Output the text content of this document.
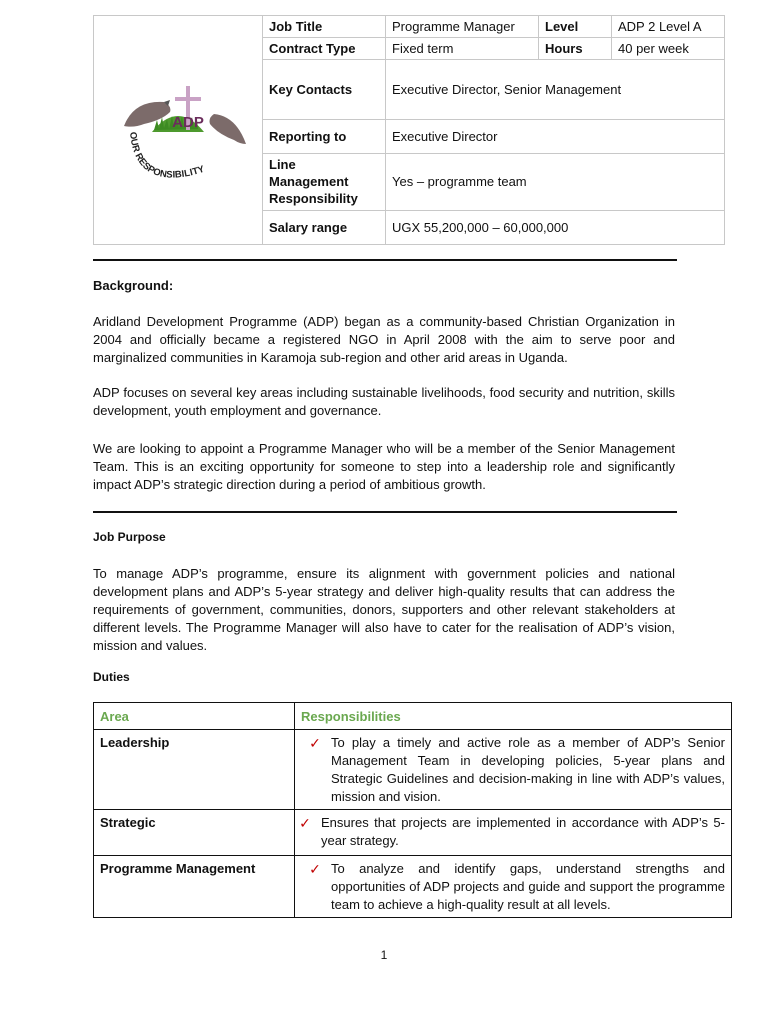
ADP
OUR RESPONSIBILITY	Job Title	Programme Manager	Level	ADP 2 Level A
	Contract Type	Fixed term	Hours	40 per week
	Key Contacts	Executive Director, Senior Management		
	Reporting to	Executive Director		

	Line
Management
Responsibility	Yes – programme team		
	Salary range	UGX 55,200,000 – 60,000,000		
Background:

Aridland Development Programme (ADP) began as a community-based Christian Organization in 2004 and officially became a registered NGO in April 2008 with the aim to serve poor and marginalized communities in Karamoja sub-region and other arid areas in Uganda.

ADP focuses on several key areas including sustainable livelihoods, food security and nutrition, skills development, youth employment and governance.

We are looking to appoint a Programme Manager who will be a member of the Senior Management Team. This is an exciting opportunity for someone to step into a leadership role and significantly impact ADP’s strategic direction during a period of ambitious growth.

Job Purpose

To manage ADP’s programme, ensure its alignment with government policies and national development plans and ADP’s 5-year strategy and deliver high-quality results that can address the requirements of government, communities, donors, supporters and other relevant stakeholders at different levels. The Programme Manager will also have to cater for the realisation of ADP’s vision, mission and values.

Duties
Area	Responsibilities
Leadership	✓ To play a timely and active role as a member of ADP’s Senior Management Team in developing policies, 5-year plans and Strategic Guidelines and decision-making in line with ADP’s values, mission and vision.

Strategic	✓ Ensures that projects are implemented in accordance with ADP’s 5-year strategy.

Programme Management	✓ To analyze and identify gaps, understand strengths and opportunities of ADP projects and guide and support the programme team to achieve a high-quality result at all levels.
1
